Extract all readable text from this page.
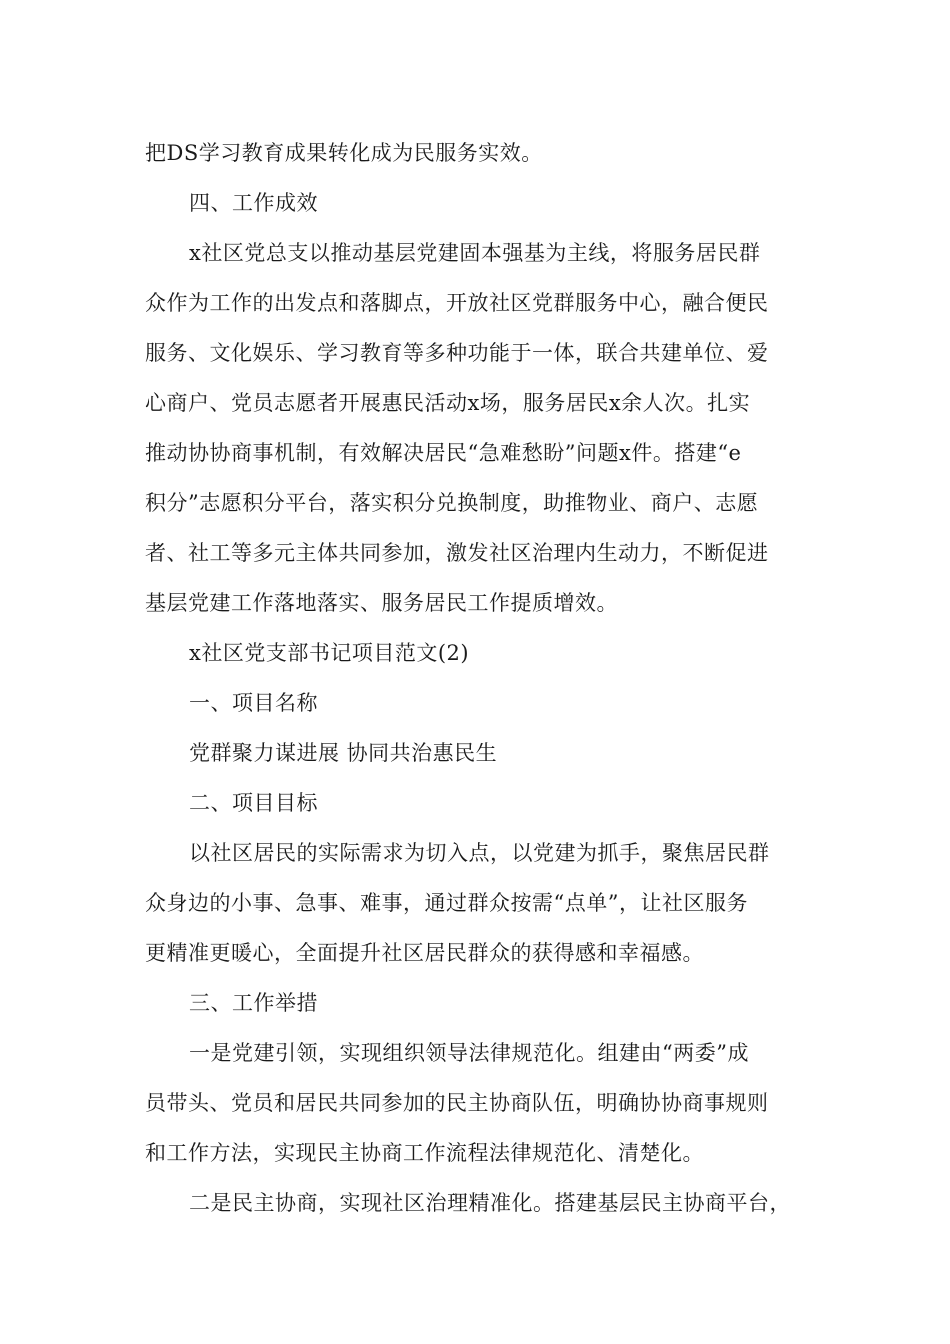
把DS学习教育成果转化成为民服务实效。
四、工作成效
x社区党总支以推动基层党建固本强基为主线，将服务居民群
众作为工作的出发点和落脚点，开放社区党群服务中心，融合便民
服务、文化娱乐、学习教育等多种功能于一体，联合共建单位、爱
心商户、党员志愿者开展惠民活动x场，服务居民x余人次。扎实
推动协协商事机制，有效解决居民“急难愁盼”问题x件。搭建“e
积分”志愿积分平台，落实积分兑换制度，助推物业、商户、志愿
者、社工等多元主体共同参加，激发社区治理内生动力，不断促进
基层党建工作落地落实、服务居民工作提质增效。
x社区党支部书记项目范文(2)
一、项目名称
党群聚力谋进展 协同共治惠民生
二、项目目标
以社区居民的实际需求为切入点，以党建为抓手，聚焦居民群
众身边的小事、急事、难事，通过群众按需“点单”，让社区服务
更精准更暖心，全面提升社区居民群众的获得感和幸福感。
三、工作举措
一是党建引领，实现组织领导法律规范化。组建由“两委”成
员带头、党员和居民共同参加的民主协商队伍，明确协协商事规则
和工作方法，实现民主协商工作流程法律规范化、清楚化。
二是民主协商，实现社区治理精准化。搭建基层民主协商平台，
